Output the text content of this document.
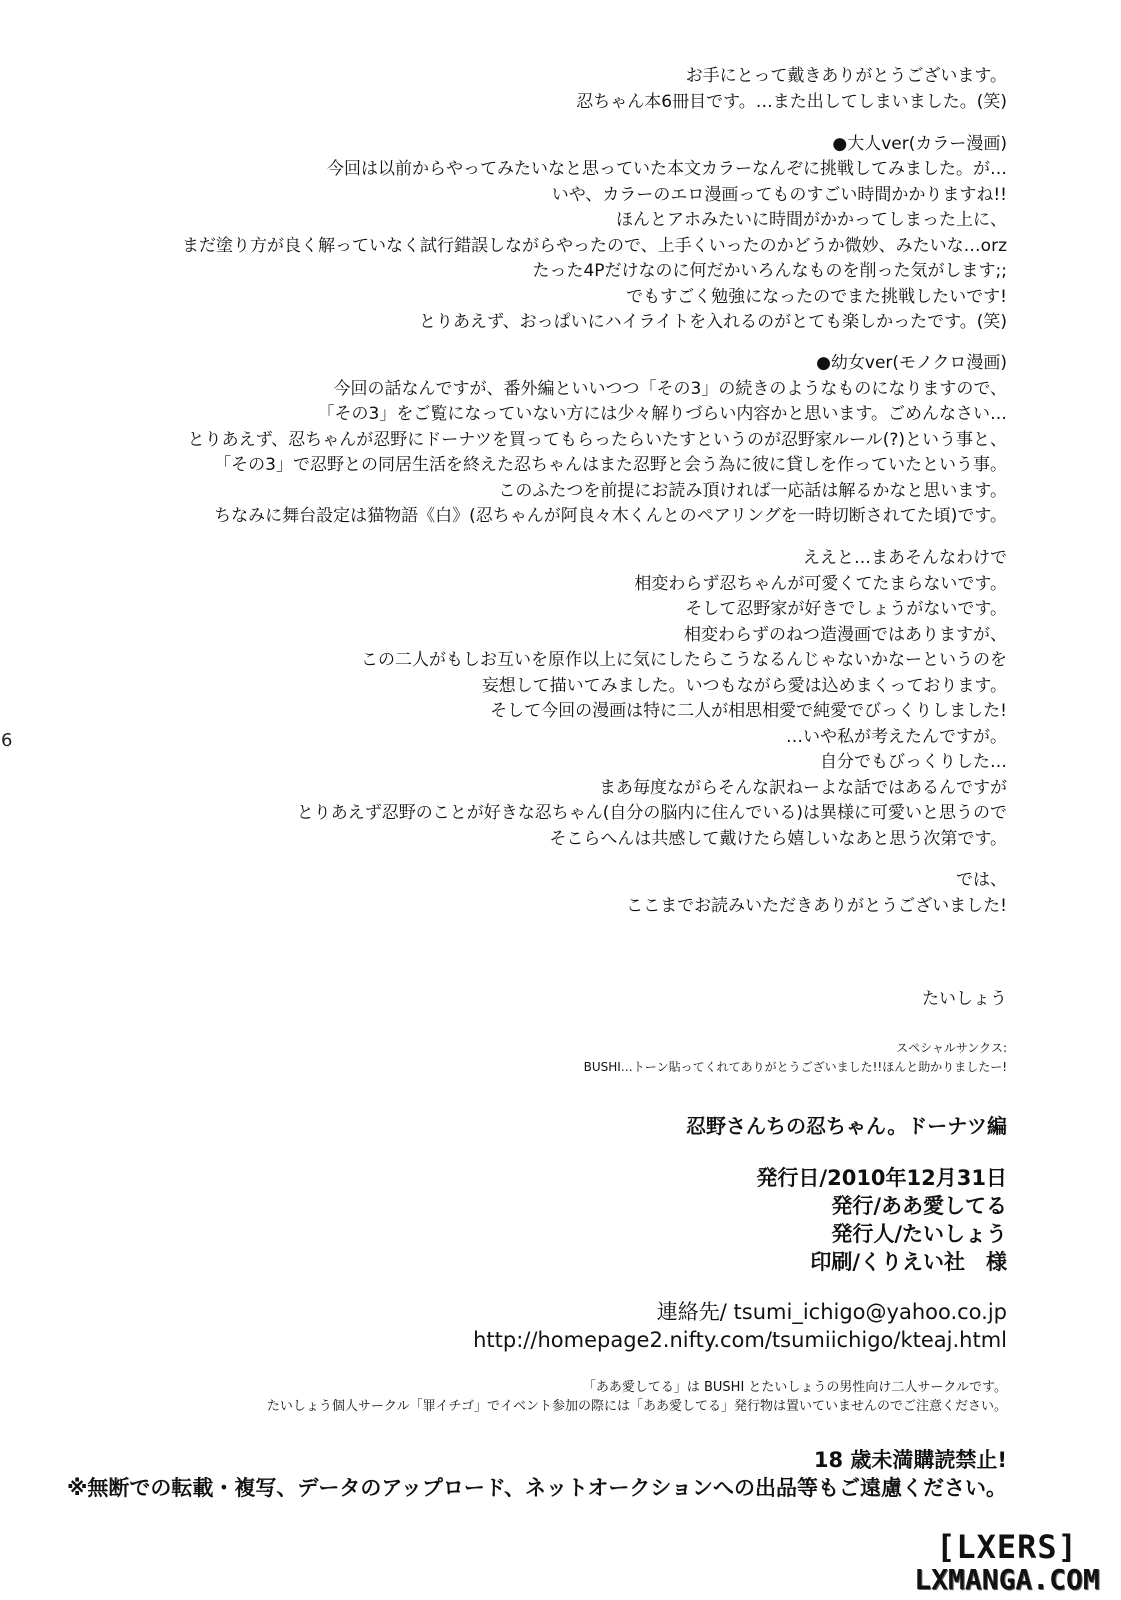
6
お手にとって戴きありがとうございます。
忍ちゃん本6冊目です。…また出してしまいました。(笑)
●大人ver(カラー漫画)
今回は以前からやってみたいなと思っていた本文カラーなんぞに挑戦してみました。が…
いや、カラーのエロ漫画ってものすごい時間かかりますね!!
ほんとアホみたいに時間がかかってしまった上に、
まだ塗り方が良く解っていなく試行錯誤しながらやったので、上手くいったのかどうか微妙、みたいな…orz
たった4Pだけなのに何だかいろんなものを削った気がします;;
でもすごく勉強になったのでまた挑戦したいです!
とりあえず、おっぱいにハイライトを入れるのがとても楽しかったです。(笑)
●幼女ver(モノクロ漫画)
今回の話なんですが、番外編といいつつ「その3」の続きのようなものになりますので、
「その3」をご覧になっていない方には少々解りづらい内容かと思います。ごめんなさい…
とりあえず、忍ちゃんが忍野にドーナツを買ってもらったらいたすというのが忍野家ルール(?)という事と、
「その3」で忍野との同居生活を終えた忍ちゃんはまた忍野と会う為に彼に貸しを作っていたという事。
このふたつを前提にお読み頂ければ一応話は解るかなと思います。
ちなみに舞台設定は猫物語《白》(忍ちゃんが阿良々木くんとのペアリングを一時切断されてた頃)です。
ええと…まあそんなわけで
相変わらず忍ちゃんが可愛くてたまらないです。
そして忍野家が好きでしょうがないです。
相変わらずのねつ造漫画ではありますが、
この二人がもしお互いを原作以上に気にしたらこうなるんじゃないかなーというのを
妄想して描いてみました。いつもながら愛は込めまくっております。
そして今回の漫画は特に二人が相思相愛で純愛でびっくりしました!
…いや私が考えたんですが。
自分でもびっくりした…
まあ毎度ながらそんな訳ねーよな話ではあるんですが
とりあえず忍野のことが好きな忍ちゃん(自分の脳内に住んでいる)は異様に可愛いと思うので
そこらへんは共感して戴けたら嬉しいなあと思う次第です。
では、
ここまでお読みいただきありがとうございました!
たいしょう
スペシャルサンクス:
BUSHI…トーン貼ってくれてありがとうございました!!ほんと助かりましたー!
忍野さんちの忍ちゃん。ドーナツ編
発行日/2010年12月31日
発行/ああ愛してる
発行人/たいしょう
印刷/くりえい社　様
連絡先/ tsumi_ichigo@yahoo.co.jp
http://homepage2.nifty.com/tsumiichigo/kteaj.html
「ああ愛してる」は BUSHI とたいしょうの男性向け二人サークルです。
たいしょう個人サークル「罪イチゴ」でイベント参加の際には「ああ愛してる」発行物は置いていませんのでご注意ください。
18 歳未満購読禁止!
※無断での転載・複写、データのアップロード、ネットオークションへの出品等もご遠慮ください。
[LXERS]
LXMANGA.COM
